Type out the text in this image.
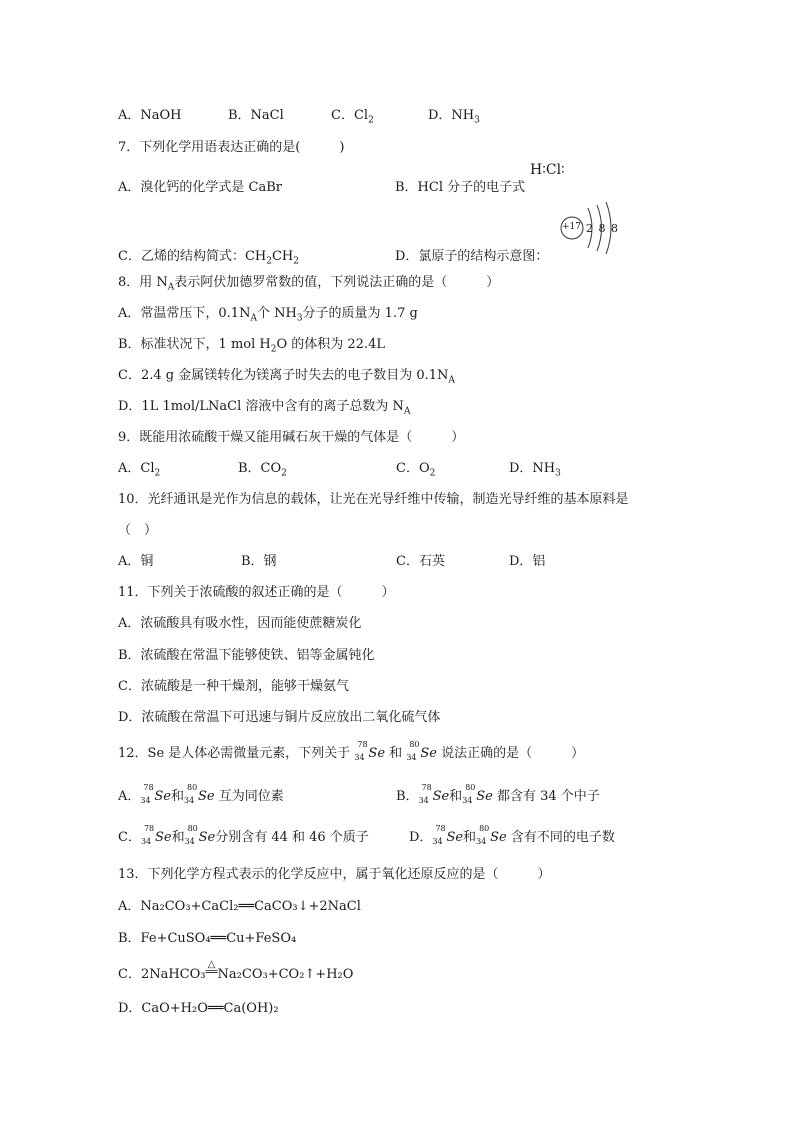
A．NaOH	B．NaCl	C．$Cl_2$	D．$NH_3$
7．下列化学用语表达正确的是(　　　)
A．溴化钙的化学式是 CaBr	B．HCl 分子的电子式
H∶Cl∶
C．乙烯的结构简式：$CH_2CH_2$	D．氯原子的结构示意图：
+17 2 8 8
8．用 $N_A$表示阿伏加德罗常数的值，下列说法正确的是（　　　）
A．常温常压下，$0.1N_A$个 $NH_3$分子的质量为 1.7 g
B．标准状况下，1 mol $H_2O$ 的体积为 22.4L
C．2.4 g 金属镁转化为镁离子时失去的电子数目为 $0.1N_A$
D．1L 1mol/LNaCl 溶液中含有的离子总数为 $N_A$
9．既能用浓硫酸干燥又能用碱石灰干燥的气体是（　　　）
A．$Cl_2$	B．$CO_2$	C．$O_2$	D．$NH_3$
10．光纤通讯是光作为信息的载体，让光在光导纤维中传输，制造光导纤维的基本原料是
（　）
A．铜	B．钢	C．石英	D．铝
11．下列关于浓硫酸的叙述正确的是（　　　）
A．浓硫酸具有吸水性，因而能使蔗糖炭化
B．浓硫酸在常温下能够使铁、铝等金属钝化
C．浓硫酸是一种干燥剂，能够干燥氨气
D．浓硫酸在常温下可迅速与铜片反应放出二氧化硫气体
12．Se 是人体必需微量元素，下列关于
78
34 Se 和
80
34 Se 说法正确的是（　　　）
A．
78
34 Se和
80
34 Se 互为同位素	B．
78
34 Se和
80
34 Se 都含有 34 个中子
C．
78
34 Se和
80
34 Se分别含有 44 和 46 个质子	D．
78
34 Se和
80
34 Se 含有不同的电子数
13．下列化学方程式表示的化学反应中，属于氧化还原反应的是（　　　）
A．Na₂CO₃+CaCl₂══CaCO₃↓+2NaCl
B．Fe+CuSO₄══Cu+FeSO₄
C．2NaHCO₃△
══Na₂CO₃+CO₂↑+H₂O
D．CaO+H₂O══Ca(OH)₂
